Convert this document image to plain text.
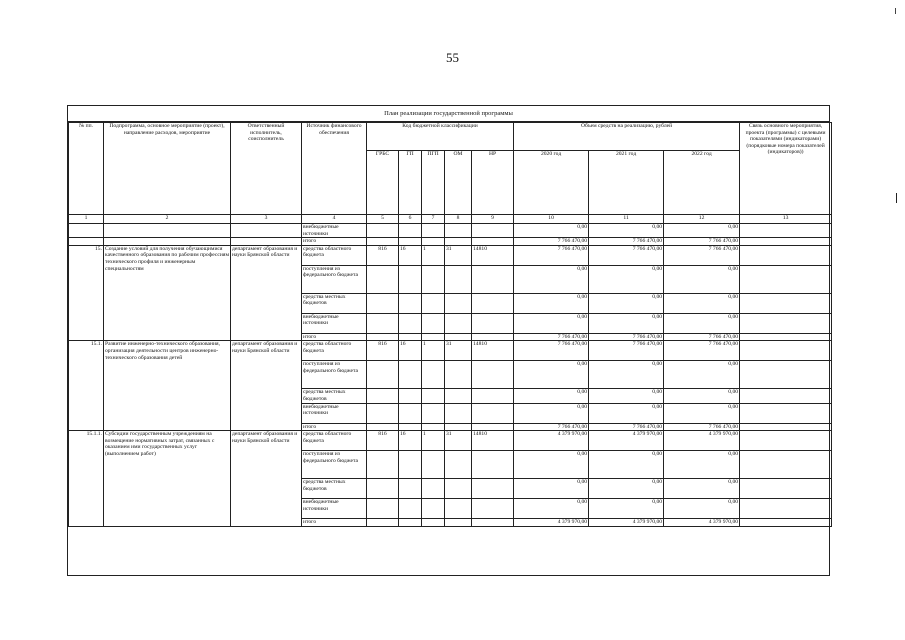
55
План реализации государственной программы
№ пп.	Подпрограмма, основное мероприятие (проект), направление расходов, мероприятие	Ответственный исполнитель, соисполнитель	Источник финансового обеспечения	Код бюджетной классификации					Объем средств на реализацию, рублей			Связь основного мероприятия, проекта (программы) с целевыми показателями (индикаторами) (порядковые номера показателей (индикаторов))
				ГРБС	ГП	ПГП	ОМ	НР	2020 год	2021 год	2022 год	
1	2	3	4	5	6	7	8	9	10	11	12	13
			внебюджетные источники						0,00	0,00	0,00	
			итого						7 766 470,00	7 766 470,00	7 766 470,00	
15.	Создание условий для получения обучающимися качественного образования по рабочим профессиям технического профиля и инженерным специальностям	департамент образования и науки Брянской области	средства областного бюджета	816	16	1	31	14810	7 766 470,00	7 766 470,00	7 766 470,00	
			поступления из федерального бюджета						0,00	0,00	0,00	
			средства местных бюджетов						0,00	0,00	0,00	
			внебюджетные источники						0,00	0,00	0,00	
			итого						7 766 470,00	7 766 470,00	7 766 470,00	
15.1.	Развитие инженерно-технического образования, организация деятельности центров инженерно-технического образования детей	департамент образования и науки Брянской области	средства областного бюджета	816	16	1	31	14810	7 766 470,00	7 766 470,00	7 766 470,00	
			поступления из федерального бюджета						0,00	0,00	0,00	
			средства местных бюджетов						0,00	0,00	0,00	
			внебюджетные источники						0,00	0,00	0,00	
			итого						7 766 470,00	7 766 470,00	7 766 470,00	
15.1.1.	Субсидии государственным учреждениям на возмещение нормативных затрат, связанных с оказанием ими государственных услуг (выполнением работ)	департамент образования и науки Брянской области	средства областного бюджета	816	16	1	31	14810	4 379 970,00	4 379 970,00	4 379 970,00	
			поступления из федерального бюджета						0,00	0,00	0,00	
			средства местных бюджетов						0,00	0,00	0,00	
			внебюджетные источники						0,00	0,00	0,00	
			итого						4 379 970,00	4 379 970,00	4 379 970,00	
